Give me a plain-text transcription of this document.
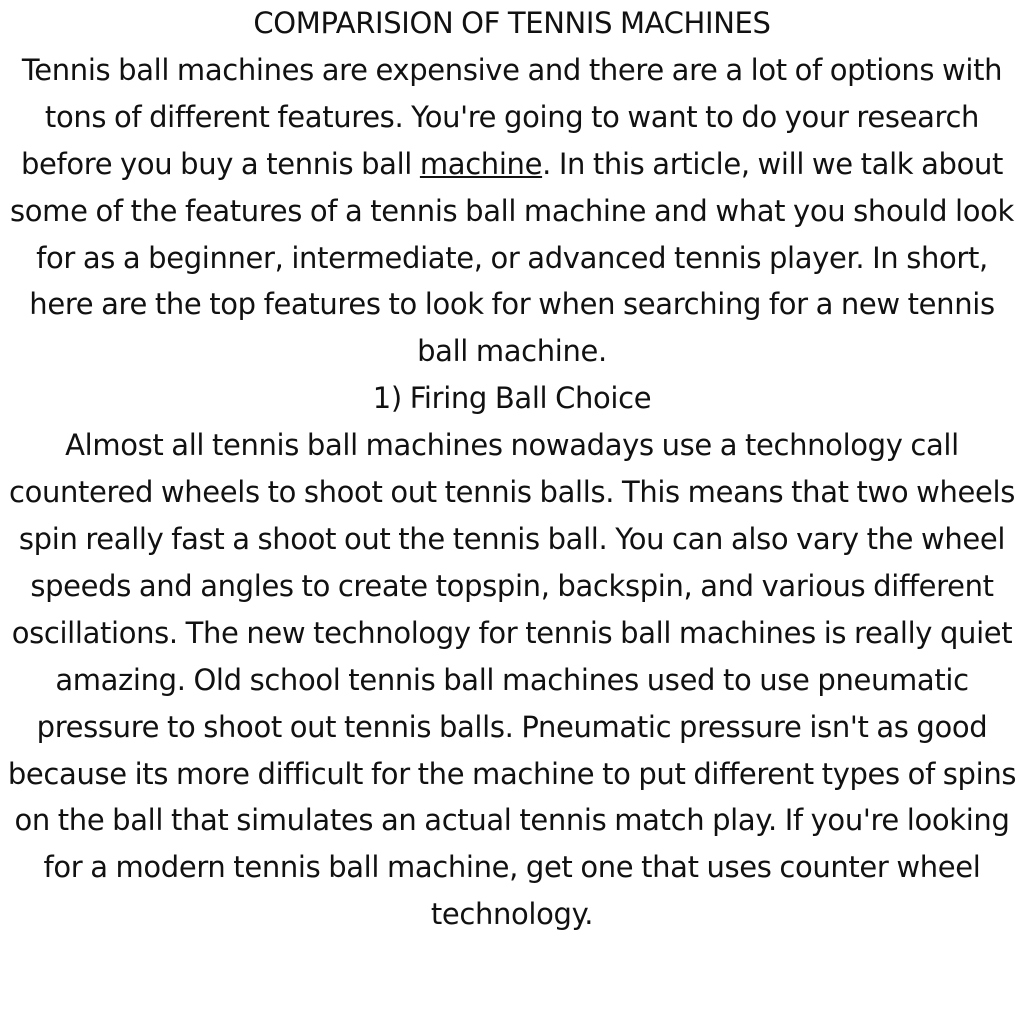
COMPARISION OF TENNIS MACHINES

Tennis ball machines are expensive and there are a lot of options with tons of different features. You're going to want to do your research before you buy a tennis ball machine. In this article, will we talk about some of the features of a tennis ball machine and what you should look for as a beginner, intermediate, or advanced tennis player. In short, here are the top features to look for when searching for a new tennis ball machine.

1) Firing Ball Choice

Almost all tennis ball machines nowadays use a technology call countered wheels to shoot out tennis balls. This means that two wheels spin really fast a shoot out the tennis ball. You can also vary the wheel speeds and angles to create topspin, backspin, and various different oscillations. The new technology for tennis ball machines is really quiet amazing. Old school tennis ball machines used to use pneumatic pressure to shoot out tennis balls. Pneumatic pressure isn't as good because its more difficult for the machine to put different types of spins on the ball that simulates an actual tennis match play. If you're looking for a modern tennis ball machine, get one that uses counter wheel technology.
